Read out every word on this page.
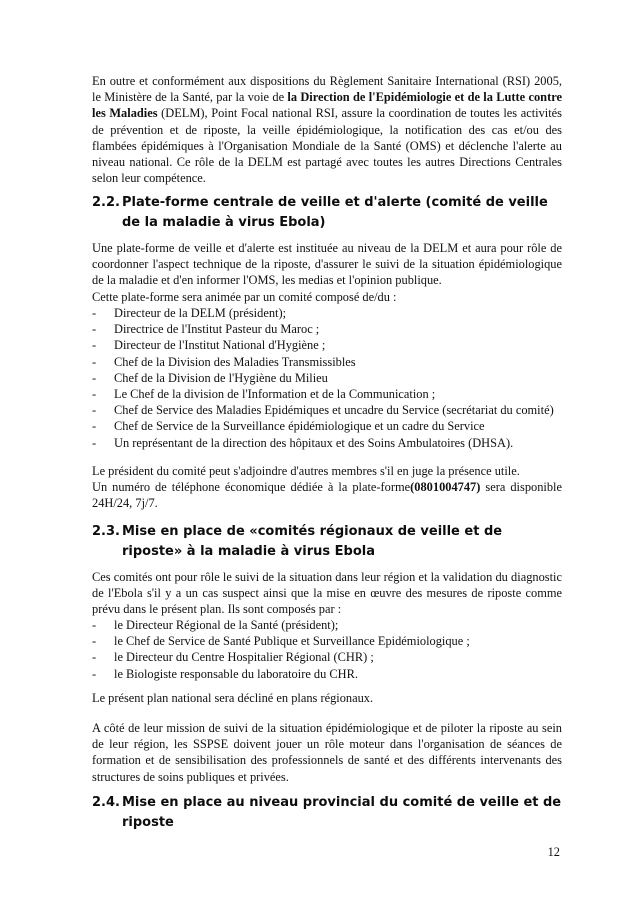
En outre et conformément aux dispositions du Règlement Sanitaire International (RSI) 2005, le Ministère de la Santé, par la voie de la Direction de l'Epidémiologie et de la Lutte contre les Maladies (DELM), Point Focal national RSI, assure la coordination de toutes les activités de prévention et de riposte, la veille épidémiologique, la notification des cas et/ou des flambées épidémiques à l'Organisation Mondiale de la Santé (OMS) et déclenche l'alerte au niveau national. Ce rôle de la DELM est partagé avec toutes les autres Directions Centrales selon leur compétence.

2.2. Plate-forme centrale de veille et d'alerte (comité de veille de la maladie à virus Ebola)

Une plate-forme de veille et d'alerte est instituée au niveau de la DELM et aura pour rôle de coordonner l'aspect technique de la riposte, d'assurer le suivi de la situation épidémiologique de la maladie et d'en informer l'OMS, les medias et l'opinion publique.

Cette plate-forme sera animée par un comité composé de/du :

- Directeur de la DELM (président);
- Directrice de l'Institut Pasteur du Maroc ;
- Directeur de l'Institut National d'Hygiène ;
- Chef de la Division des Maladies Transmissibles
- Chef de la Division de l'Hygiène du Milieu
- Le Chef de la division de l'Information et de la Communication ;
- Chef de Service des Maladies Epidémiques et uncadre du Service (secrétariat du comité)
- Chef de Service de la Surveillance épidémiologique et un cadre du Service
- Un représentant de la direction des hôpitaux et des Soins Ambulatoires (DHSA).

Le président du comité peut s'adjoindre d'autres membres s'il en juge la présence utile.

Un numéro de téléphone économique dédiée à la plate-forme(0801004747) sera disponible 24H/24, 7j/7.

2.3. Mise en place de «comités régionaux de veille et de riposte» à la maladie à virus Ebola

Ces comités ont pour rôle le suivi de la situation dans leur région et la validation du diagnostic de l'Ebola s'il y a un cas suspect ainsi que la mise en œuvre des mesures de riposte comme prévu dans le présent plan. Ils sont composés par :

- le Directeur Régional de la Santé (président);
- le Chef de Service de Santé Publique et Surveillance Epidémiologique ;
- le Directeur du Centre Hospitalier Régional (CHR) ;
- le Biologiste responsable du laboratoire du CHR.

Le présent plan national sera décliné en plans régionaux.

A côté de leur mission de suivi de la situation épidémiologique et de piloter la riposte au sein de leur région, les SSPSE doivent jouer un rôle moteur dans l'organisation de séances de formation et de sensibilisation des professionnels de santé et des différents intervenants des structures de soins publiques et privées.

2.4. Mise en place au niveau provincial du comité de veille et de riposte
12
